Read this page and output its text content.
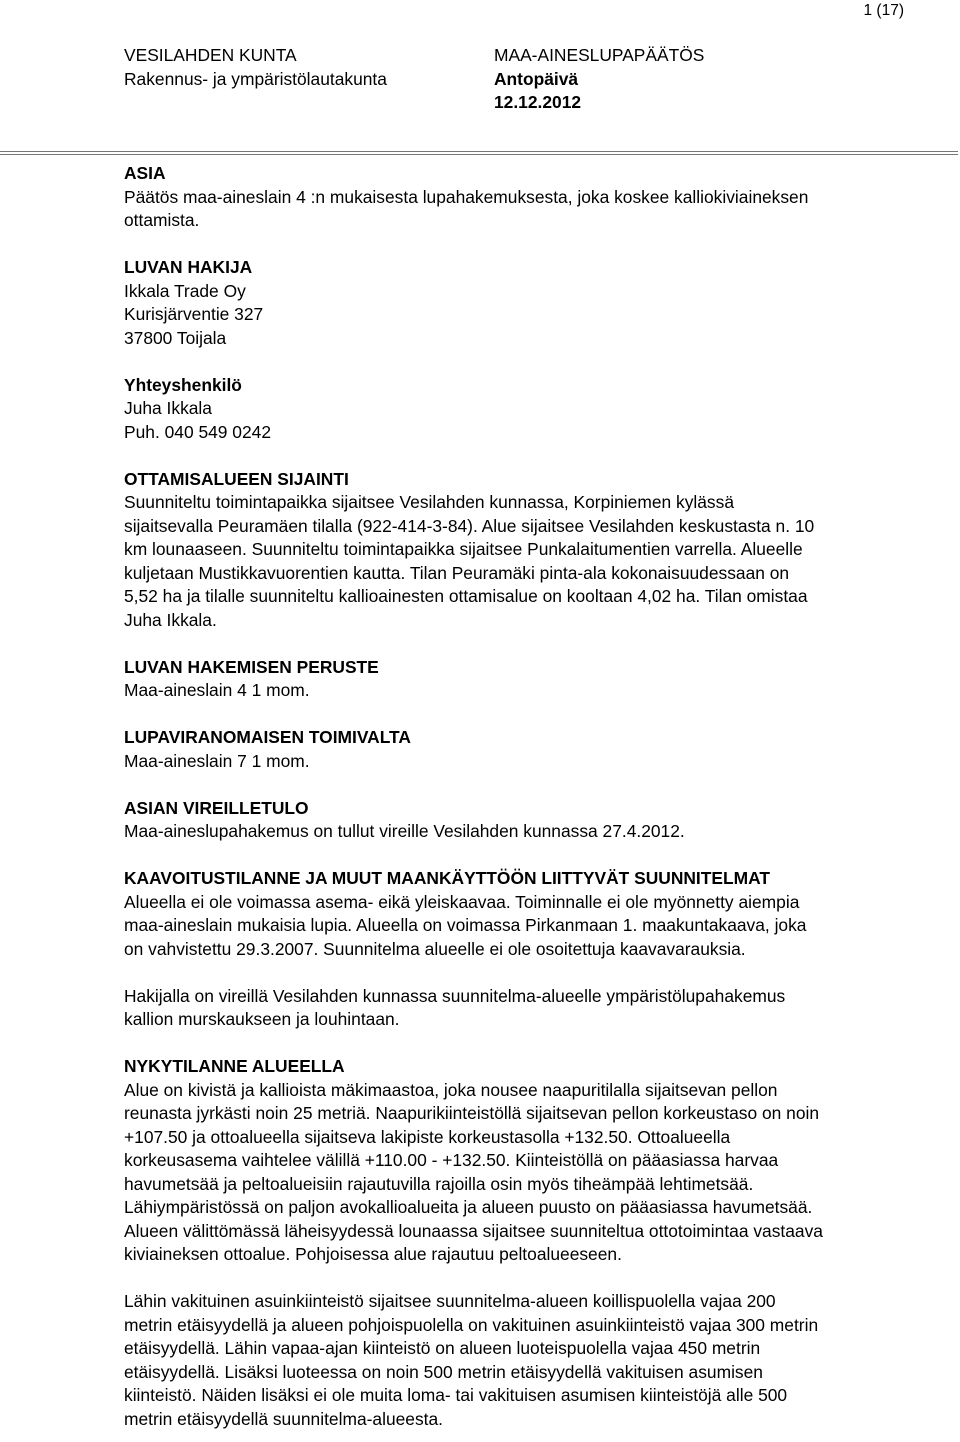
1 (17)
VESILAHDEN KUNTA
Rakennus- ja ympäristölautakunta
MAA-AINESLUPAPÄÄTÖS
Antopäivä
12.12.2012
ASIA

Päätös maa-aineslain 4 :n mukaisesta lupahakemuksesta, joka koskee kalliokiviaineksen
ottamista.

LUVAN HAKIJA

Ikkala Trade Oy
Kurisjärventie 327
37800 Toijala

Yhteyshenkilö

Juha Ikkala
Puh. 040 549 0242

OTTAMISALUEEN SIJAINTI

Suunniteltu toimintapaikka sijaitsee Vesilahden kunnassa, Korpiniemen kylässä
sijaitsevalla Peuramäen tilalla (922-414-3-84). Alue sijaitsee Vesilahden keskustasta n. 10
km lounaaseen. Suunniteltu toimintapaikka sijaitsee Punkalaitumentien varrella. Alueelle
kuljetaan Mustikkavuorentien kautta. Tilan Peuramäki pinta-ala kokonaisuudessaan on
5,52 ha ja tilalle suunniteltu kallioainesten ottamisalue on kooltaan 4,02 ha. Tilan omistaa
Juha Ikkala.

LUVAN HAKEMISEN PERUSTE

Maa-aineslain 4 1 mom.

LUPAVIRANOMAISEN TOIMIVALTA

Maa-aineslain 7 1 mom.

ASIAN VIREILLETULO

Maa-aineslupahakemus on tullut vireille Vesilahden kunnassa 27.4.2012.

KAAVOITUSTILANNE JA MUUT MAANKÄYTTÖÖN LIITTYVÄT SUUNNITELMAT

Alueella ei ole voimassa asema- eikä yleiskaavaa. Toiminnalle ei ole myönnetty aiempia
maa-aineslain mukaisia lupia. Alueella on voimassa Pirkanmaan 1. maakuntakaava, joka
on vahvistettu 29.3.2007. Suunnitelma alueelle ei ole osoitettuja kaavavarauksia.

Hakijalla on vireillä Vesilahden kunnassa suunnitelma-alueelle ympäristölupahakemus
kallion murskaukseen ja louhintaan.

NYKYTILANNE ALUEELLA

Alue on kivistä ja kallioista mäkimaastoa, joka nousee naapuritilalla sijaitsevan pellon
reunasta jyrkästi noin 25 metriä. Naapurikiinteistöllä sijaitsevan pellon korkeustaso on noin
+107.50 ja ottoalueella sijaitseva lakipiste korkeustasolla +132.50. Ottoalueella
korkeusasema vaihtelee välillä +110.00 - +132.50. Kiinteistöllä on pääasiassa harvaa
havumetsää ja peltoalueisiin rajautuvilla rajoilla osin myös tiheämpää lehtimetsää.
Lähiympäristössä on paljon avokallioalueita ja alueen puusto on pääasiassa havumetsää.
Alueen välittömässä läheisyydessä lounaassa sijaitsee suunniteltua ottotoimintaa vastaava
kiviaineksen ottoalue. Pohjoisessa alue rajautuu peltoalueeseen.

Lähin vakituinen asuinkiinteistö sijaitsee suunnitelma-alueen koillispuolella vajaa 200
metrin etäisyydellä ja alueen pohjoispuolella on vakituinen asuinkiinteistö vajaa 300 metrin
etäisyydellä. Lähin vapaa-ajan kiinteistö on alueen luoteispuolella vajaa 450 metrin
etäisyydellä. Lisäksi luoteessa on noin 500 metrin etäisyydellä vakituisen asumisen
kiinteistö. Näiden lisäksi ei ole muita loma- tai vakituisen asumisen kiinteistöjä alle 500
metrin etäisyydellä suunnitelma-alueesta.
